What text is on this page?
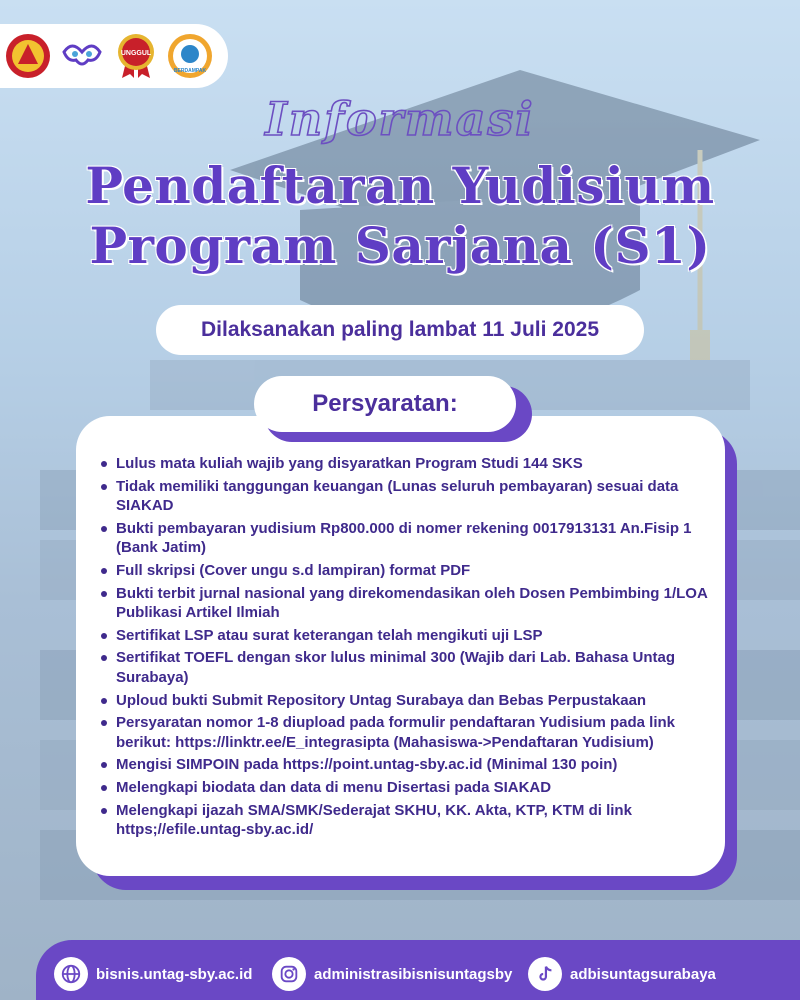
UNGGUL
BERDAMPAK
Informasi
Pendaftaran Yudisium
Program Sarjana (S1)
Dilaksanakan paling lambat 11 Juli 2025
Lulus mata kuliah wajib yang disyaratkan Program Studi 144 SKS
Tidak memiliki tanggungan keuangan (Lunas seluruh pembayaran) sesuai data SIAKAD
Bukti pembayaran yudisium Rp800.000 di nomer rekening 0017913131 An.Fisip 1 (Bank Jatim)
Full skripsi (Cover ungu s.d lampiran) format PDF
Bukti terbit jurnal nasional yang direkomendasikan oleh Dosen Pembimbing 1/LOA Publikasi Artikel Ilmiah
Sertifikat LSP atau surat keterangan telah mengikuti uji LSP
Sertifikat TOEFL dengan skor lulus minimal 300 (Wajib dari Lab. Bahasa Untag Surabaya)
Uploud bukti Submit Repository Untag Surabaya dan Bebas Perpustakaan
Persyaratan nomor 1-8 diupload pada formulir pendaftaran Yudisium pada link berikut: https://linktr.ee/E_integrasipta (Mahasiswa->Pendaftaran Yudisium)
Mengisi SIMPOIN pada https://point.untag-sby.ac.id (Minimal 130 poin)
Melengkapi biodata dan data di menu Disertasi pada SIAKAD
Melengkapi ijazah SMA/SMK/Sederajat SKHU, KK. Akta, KTP, KTM di link https;//efile.untag-sby.ac.id/
Persyaratan:
bisnis.untag-sby.ac.id	administrasibisnisuntagsby	adbisuntagsurabaya
